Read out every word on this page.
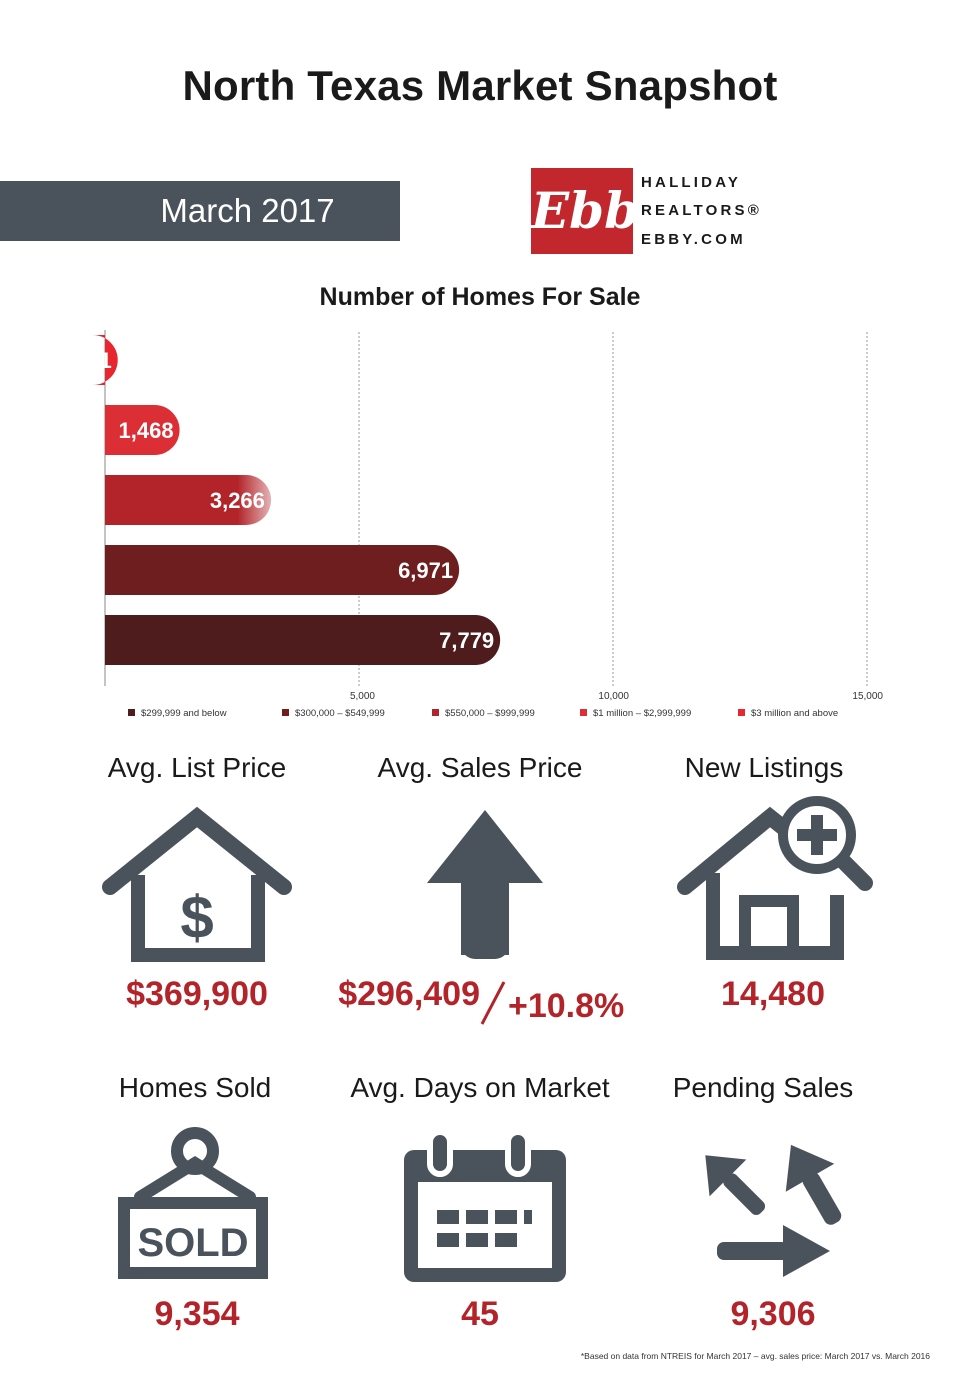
North Texas Market Snapshot
March 2017	Ebby
HALLIDAY
REALTORS®
EBBY.COM
Number of Homes For Sale
251
1,468
3,266
6,971
7,779
5,000	10,000	15,000
$299,999 and below	$300,000 – $549,999	$550,000 – $999,999	$1 million – $2,999,999	$3 million and above
Avg. List Price	Avg. Sales Price	New Listings
$
$369,900	$296,409 +10.8%	14,480
Homes Sold	Avg. Days on Market	Pending Sales
SOLD
9,354	45	9,306
*Based on data from NTREIS for March 2017 – avg. sales price: March 2017 vs. March 2016
